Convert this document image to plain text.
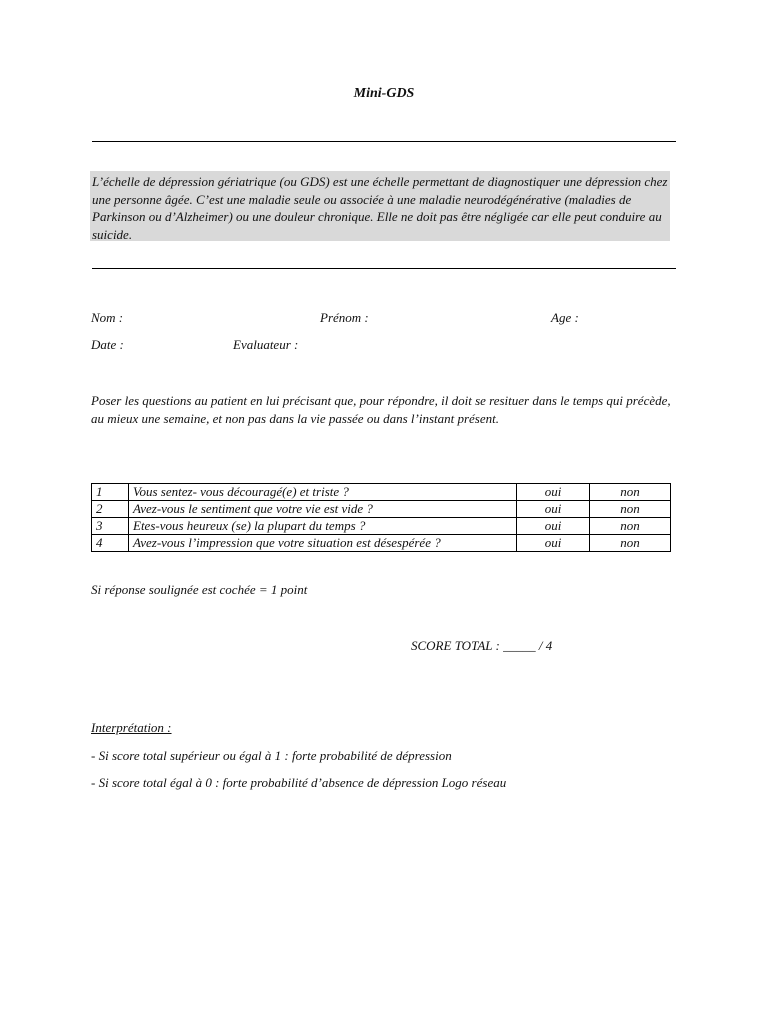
Mini-GDS
L’échelle de dépression gériatrique (ou GDS) est une échelle permettant de diagnostiquer une dépression chez une personne âgée. C’est une maladie seule ou associée à une maladie neurodégénérative (maladies de Parkinson ou d’Alzheimer) ou une douleur chronique. Elle ne doit pas être négligée car elle peut conduire au suicide.
Nom :	Prénom :	Age :
Date :	Evaluateur :
Poser les questions au patient en lui précisant que, pour répondre, il doit se resituer dans le temps qui précède, au mieux une semaine, et non pas dans la vie passée ou dans l’instant présent.
1	Vous sentez- vous découragé(e) et triste ?	oui	non
2	Avez-vous le sentiment que votre vie est vide ?	oui	non
3	Etes-vous heureux (se) la plupart du temps ?	oui	non
4	Avez-vous l’impression que votre situation est désespérée ?	oui	non
Si réponse soulignée est cochée = 1 point
SCORE TOTAL : _____ / 4
Interprétation :
- Si score total supérieur ou égal à 1 : forte probabilité de dépression
- Si score total égal à 0 : forte probabilité d’absence de dépression Logo réseau
